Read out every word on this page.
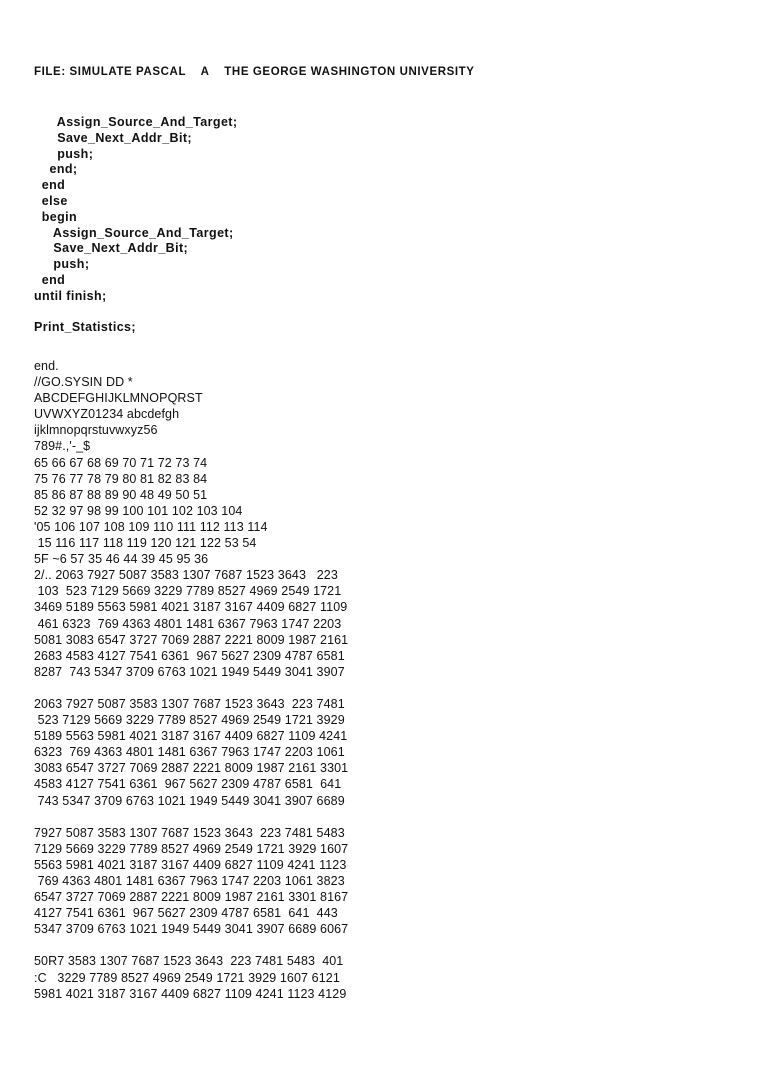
FILE: SIMULATE PASCAL    A    THE GEORGE WASHINGTON UNIVERSITY
Assign_Source_And_Target;
Save_Next_Addr_Bit;
push;
end;
end
else
begin
Assign_Source_And_Target;
Save_Next_Addr_Bit;
push;
end
until finish;
Print_Statistics;
end.
//GO.SYSIN DD *
ABCDEFGHIJKLMNOPQRST
UVWXYZ01234 abcdefgh
ijklmnopqrstuvwxyz56
789#.,'-_$
65 66 67 68 69 70 71 72 73 74
75 76 77 78 79 80 81 82 83 84
85 86 87 88 89 90 48 49 50 51
52 32 97 98 99 100 101 102 103 104
'05 106 107 108 109 110 111 112 113 114
15 116 117 118 119 120 121 122 53 54
5F ~6 57 35 46 44 39 45 95 36
2/.. 2063 7927 5087 3583 1307 7687 1523 3643   223
103  523 7129 5669 3229 7789 8527 4969 2549 1721
3469 5189 5563 5981 4021 3187 3167 4409 6827 1109
461 6323  769 4363 4801 1481 6367 7963 1747 2203
5081 3083 6547 3727 7069 2887 2221 8009 1987 2161
2683 4583 4127 7541 6361  967 5627 2309 4787 6581
8287  743 5347 3709 6763 1021 1949 5449 3041 3907
2063 7927 5087 3583 1307 7687 1523 3643  223 7481
523 7129 5669 3229 7789 8527 4969 2549 1721 3929
5189 5563 5981 4021 3187 3167 4409 6827 1109 4241
6323  769 4363 4801 1481 6367 7963 1747 2203 1061
3083 6547 3727 7069 2887 2221 8009 1987 2161 3301
4583 4127 7541 6361  967 5627 2309 4787 6581  641
743 5347 3709 6763 1021 1949 5449 3041 3907 6689
7927 5087 3583 1307 7687 1523 3643  223 7481 5483
7129 5669 3229 7789 8527 4969 2549 1721 3929 1607
5563 5981 4021 3187 3167 4409 6827 1109 4241 1123
769 4363 4801 1481 6367 7963 1747 2203 1061 3823
6547 3727 7069 2887 2221 8009 1987 2161 3301 8167
4127 7541 6361  967 5627 2309 4787 6581  641  443
5347 3709 6763 1021 1949 5449 3041 3907 6689 6067
50R7 3583 1307 7687 1523 3643  223 7481 5483  401
:C   3229 7789 8527 4969 2549 1721 3929 1607 6121
5981 4021 3187 3167 4409 6827 1109 4241 1123 4129
